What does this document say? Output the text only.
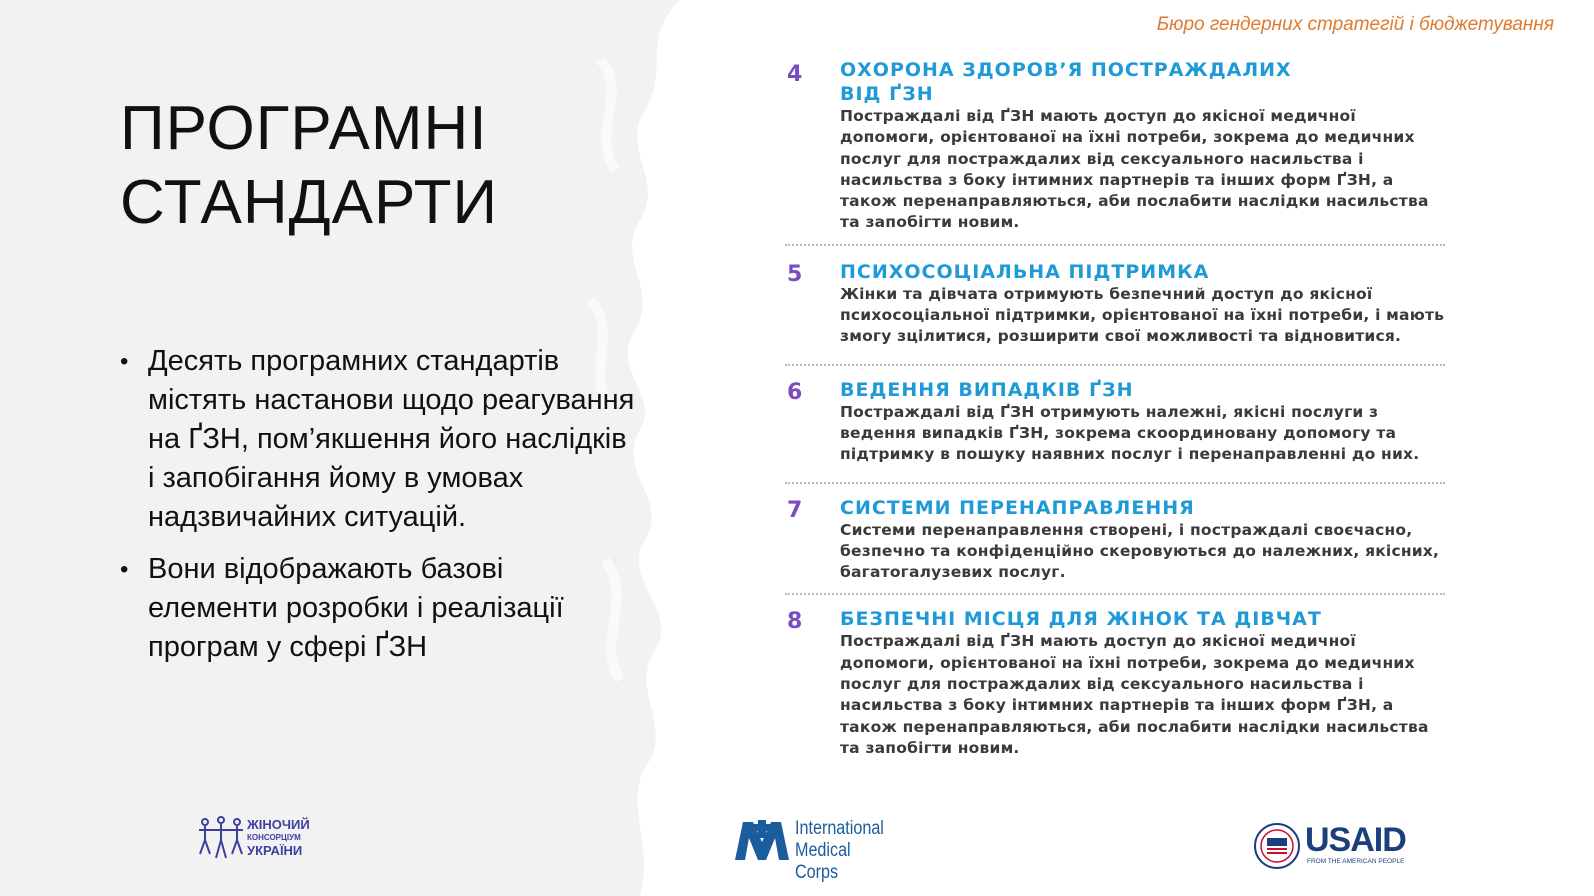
Бюро гендерних стратегій і бюджетування
ПРОГРАМНІ
СТАНДАРТИ
• Десять програмних стандартів містять настанови щодо реагування на ҐЗН, пом’якшення його наслідків і запобігання йому в умовах надзвичайних ситуацій.
• Вони відображають базові елементи розробки і реалізації програм у сфері ҐЗН
4 ОХОРОНА ЗДОРОВ’Я ПОСТРАЖДАЛИХ ВІД ҐЗН
Постраждалі від ҐЗН мають доступ до якісної медичної допомоги, орієнтованої на їхні потреби, зокрема до медичних послуг для постраждалих від сексуального насильства і насильства з боку інтимних партнерів та інших форм ҐЗН, а також перенаправляються, аби послабити наслідки насильства та запобігти новим.
5 ПСИХОСОЦІАЛЬНА ПІДТРИМКА
Жінки та дівчата отримують безпечний доступ до якісної психосоціальної підтримки, орієнтованої на їхні потреби, і мають змогу зцілитися, розширити свої можливості та відновитися.
6 ВЕДЕННЯ ВИПАДКІВ ҐЗН
Постраждалі від ҐЗН отримують належні, якісні послуги з ведення випадків ҐЗН, зокрема скоординовану допомогу та підтримку в пошуку наявних послуг і перенаправленні до них.
7 СИСТЕМИ ПЕРЕНАПРАВЛЕННЯ
Системи перенаправлення створені, і постраждалі своєчасно, безпечно та конфіденційно скеровуються до належних, якісних, багатогалузевих послуг.
8 БЕЗПЕЧНІ МІСЦЯ ДЛЯ ЖІНОК ТА ДІВЧАТ
Постраждалі від ҐЗН мають доступ до якісної медичної допомоги, орієнтованої на їхні потреби, зокрема до медичних послуг для постраждалих від сексуального насильства і насильства з боку інтимних партнерів та інших форм ҐЗН, а також перенаправляються, аби послабити наслідки насильства та запобігти новим.
ЖІНОЧИЙ
КОНСОРЦІУМ
УКРАЇНИ
International
Medical Corps
USAID
FROM THE AMERICAN PEOPLE
